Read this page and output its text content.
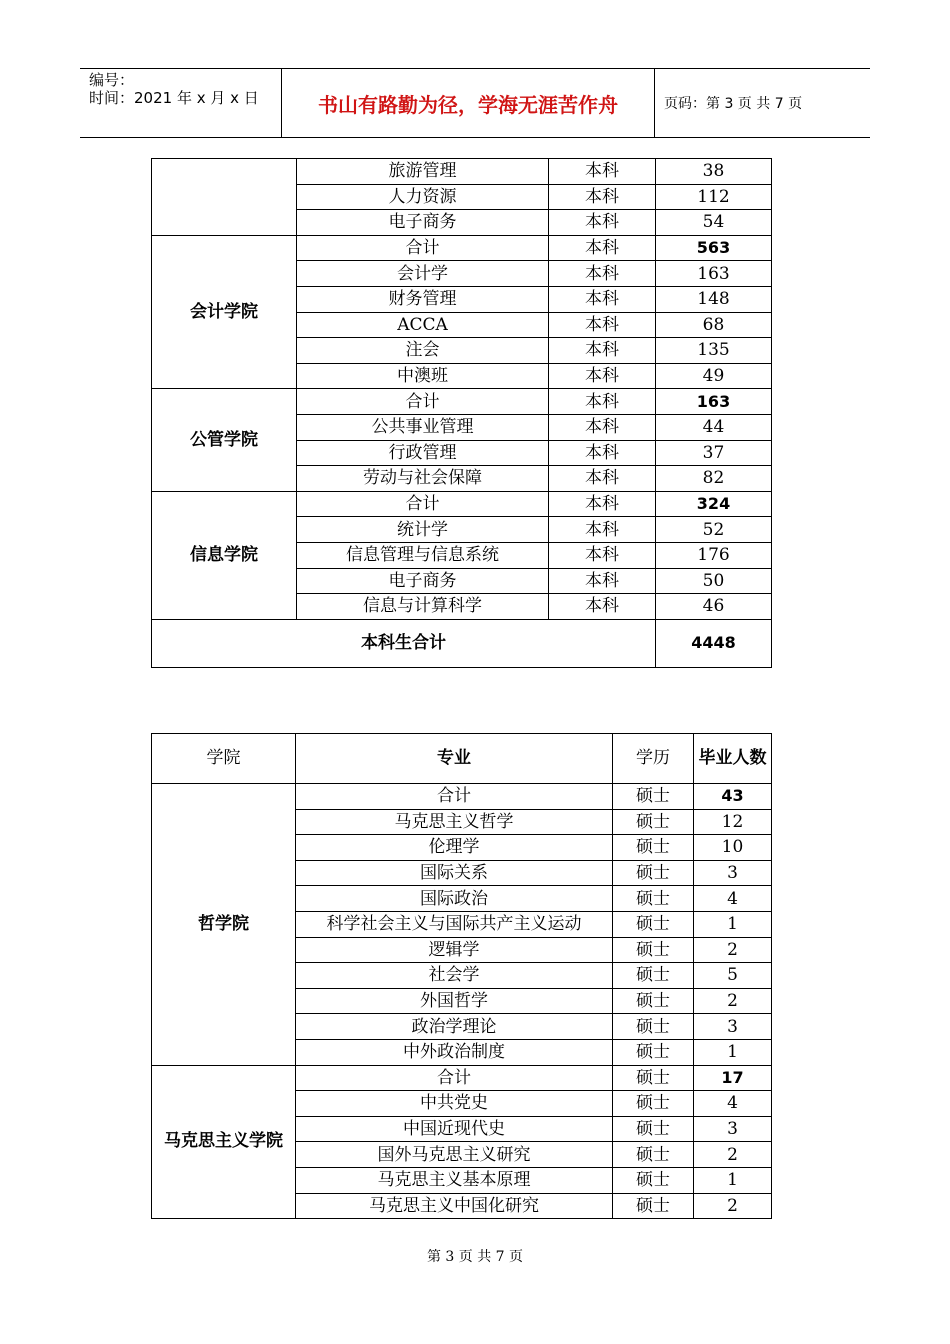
编号：
时间：2021 年 x 月 x 日	书山有路勤为径，学海无涯苦作舟	页码：第 3 页 共 7 页
	旅游管理	本科	38
	人力资源	本科	112
	电子商务	本科	54
会计学院	合计	本科	563
	会计学	本科	163
	财务管理	本科	148
	ACCA	本科	68
	注会	本科	135
	中澳班	本科	49
公管学院	合计	本科	163
	公共事业管理	本科	44
	行政管理	本科	37
	劳动与社会保障	本科	82
信息学院	合计	本科	324
	统计学	本科	52
	信息管理与信息系统	本科	176
	电子商务	本科	50
	信息与计算科学	本科	46
本科生合计			4448
学院	专业	学历	毕业人数
哲学院	合计	硕士	43
	马克思主义哲学	硕士	12
	伦理学	硕士	10
	国际关系	硕士	3
	国际政治	硕士	4
	科学社会主义与国际共产主义运动	硕士	1
	逻辑学	硕士	2
	社会学	硕士	5
	外国哲学	硕士	2
	政治学理论	硕士	3
	中外政治制度	硕士	1
马克思主义学院	合计	硕士	17
	中共党史	硕士	4
	中国近现代史	硕士	3
	国外马克思主义研究	硕士	2
	马克思主义基本原理	硕士	1
	马克思主义中国化研究	硕士	2
第 3 页 共 7 页
